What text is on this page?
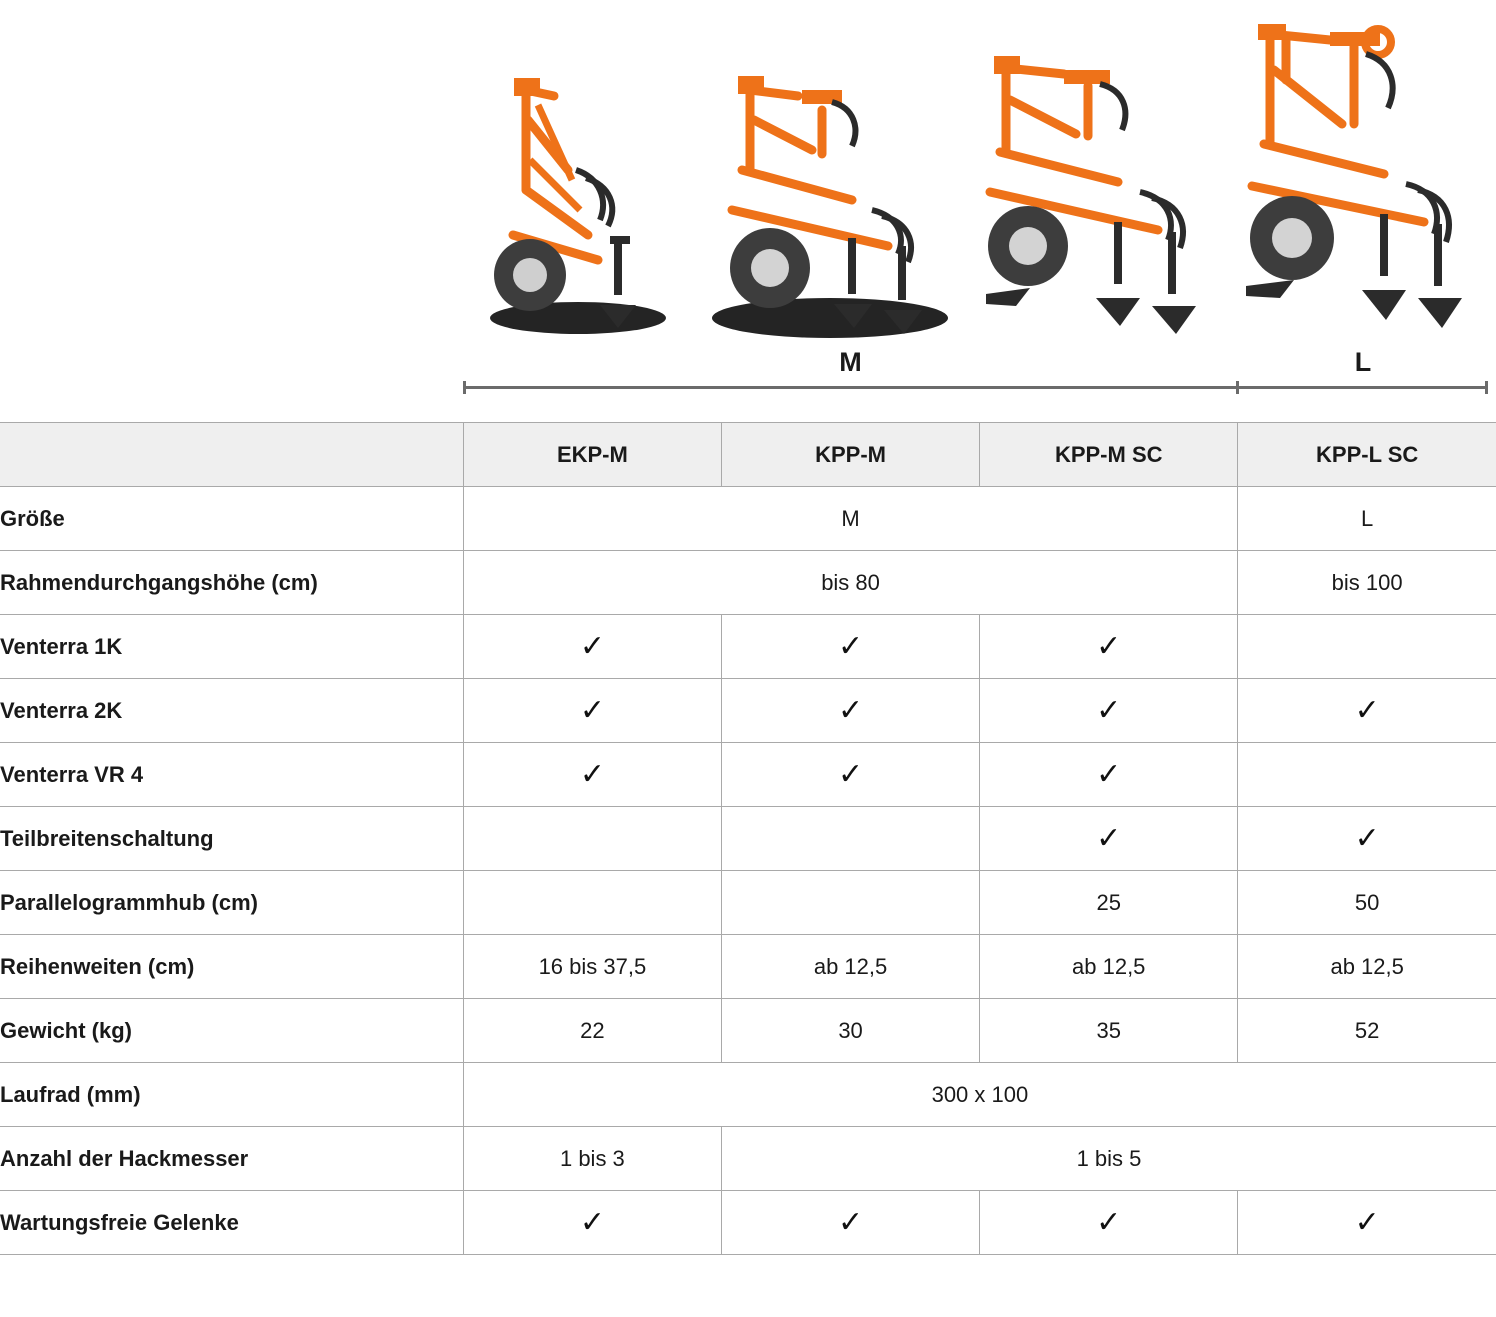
M	L
	EKP-M	KPP-M	KPP-M SC	KPP-L SC
Größe	M			L
Rahmendurchgangshöhe (cm)	bis 80			bis 100
Venterra 1K	✓	✓	✓	
Venterra 2K	✓	✓	✓	✓
Venterra VR 4	✓	✓	✓	
Teilbreitenschaltung			✓	✓
Parallelogrammhub (cm)			25	50
Reihenweiten (cm)	16 bis 37,5	ab 12,5	ab 12,5	ab 12,5
Gewicht (kg)	22	30	35	52
Laufrad (mm)	300 x 100			
Anzahl der Hackmesser	1 bis 3	1 bis 5		
Wartungsfreie Gelenke	✓	✓	✓	✓
